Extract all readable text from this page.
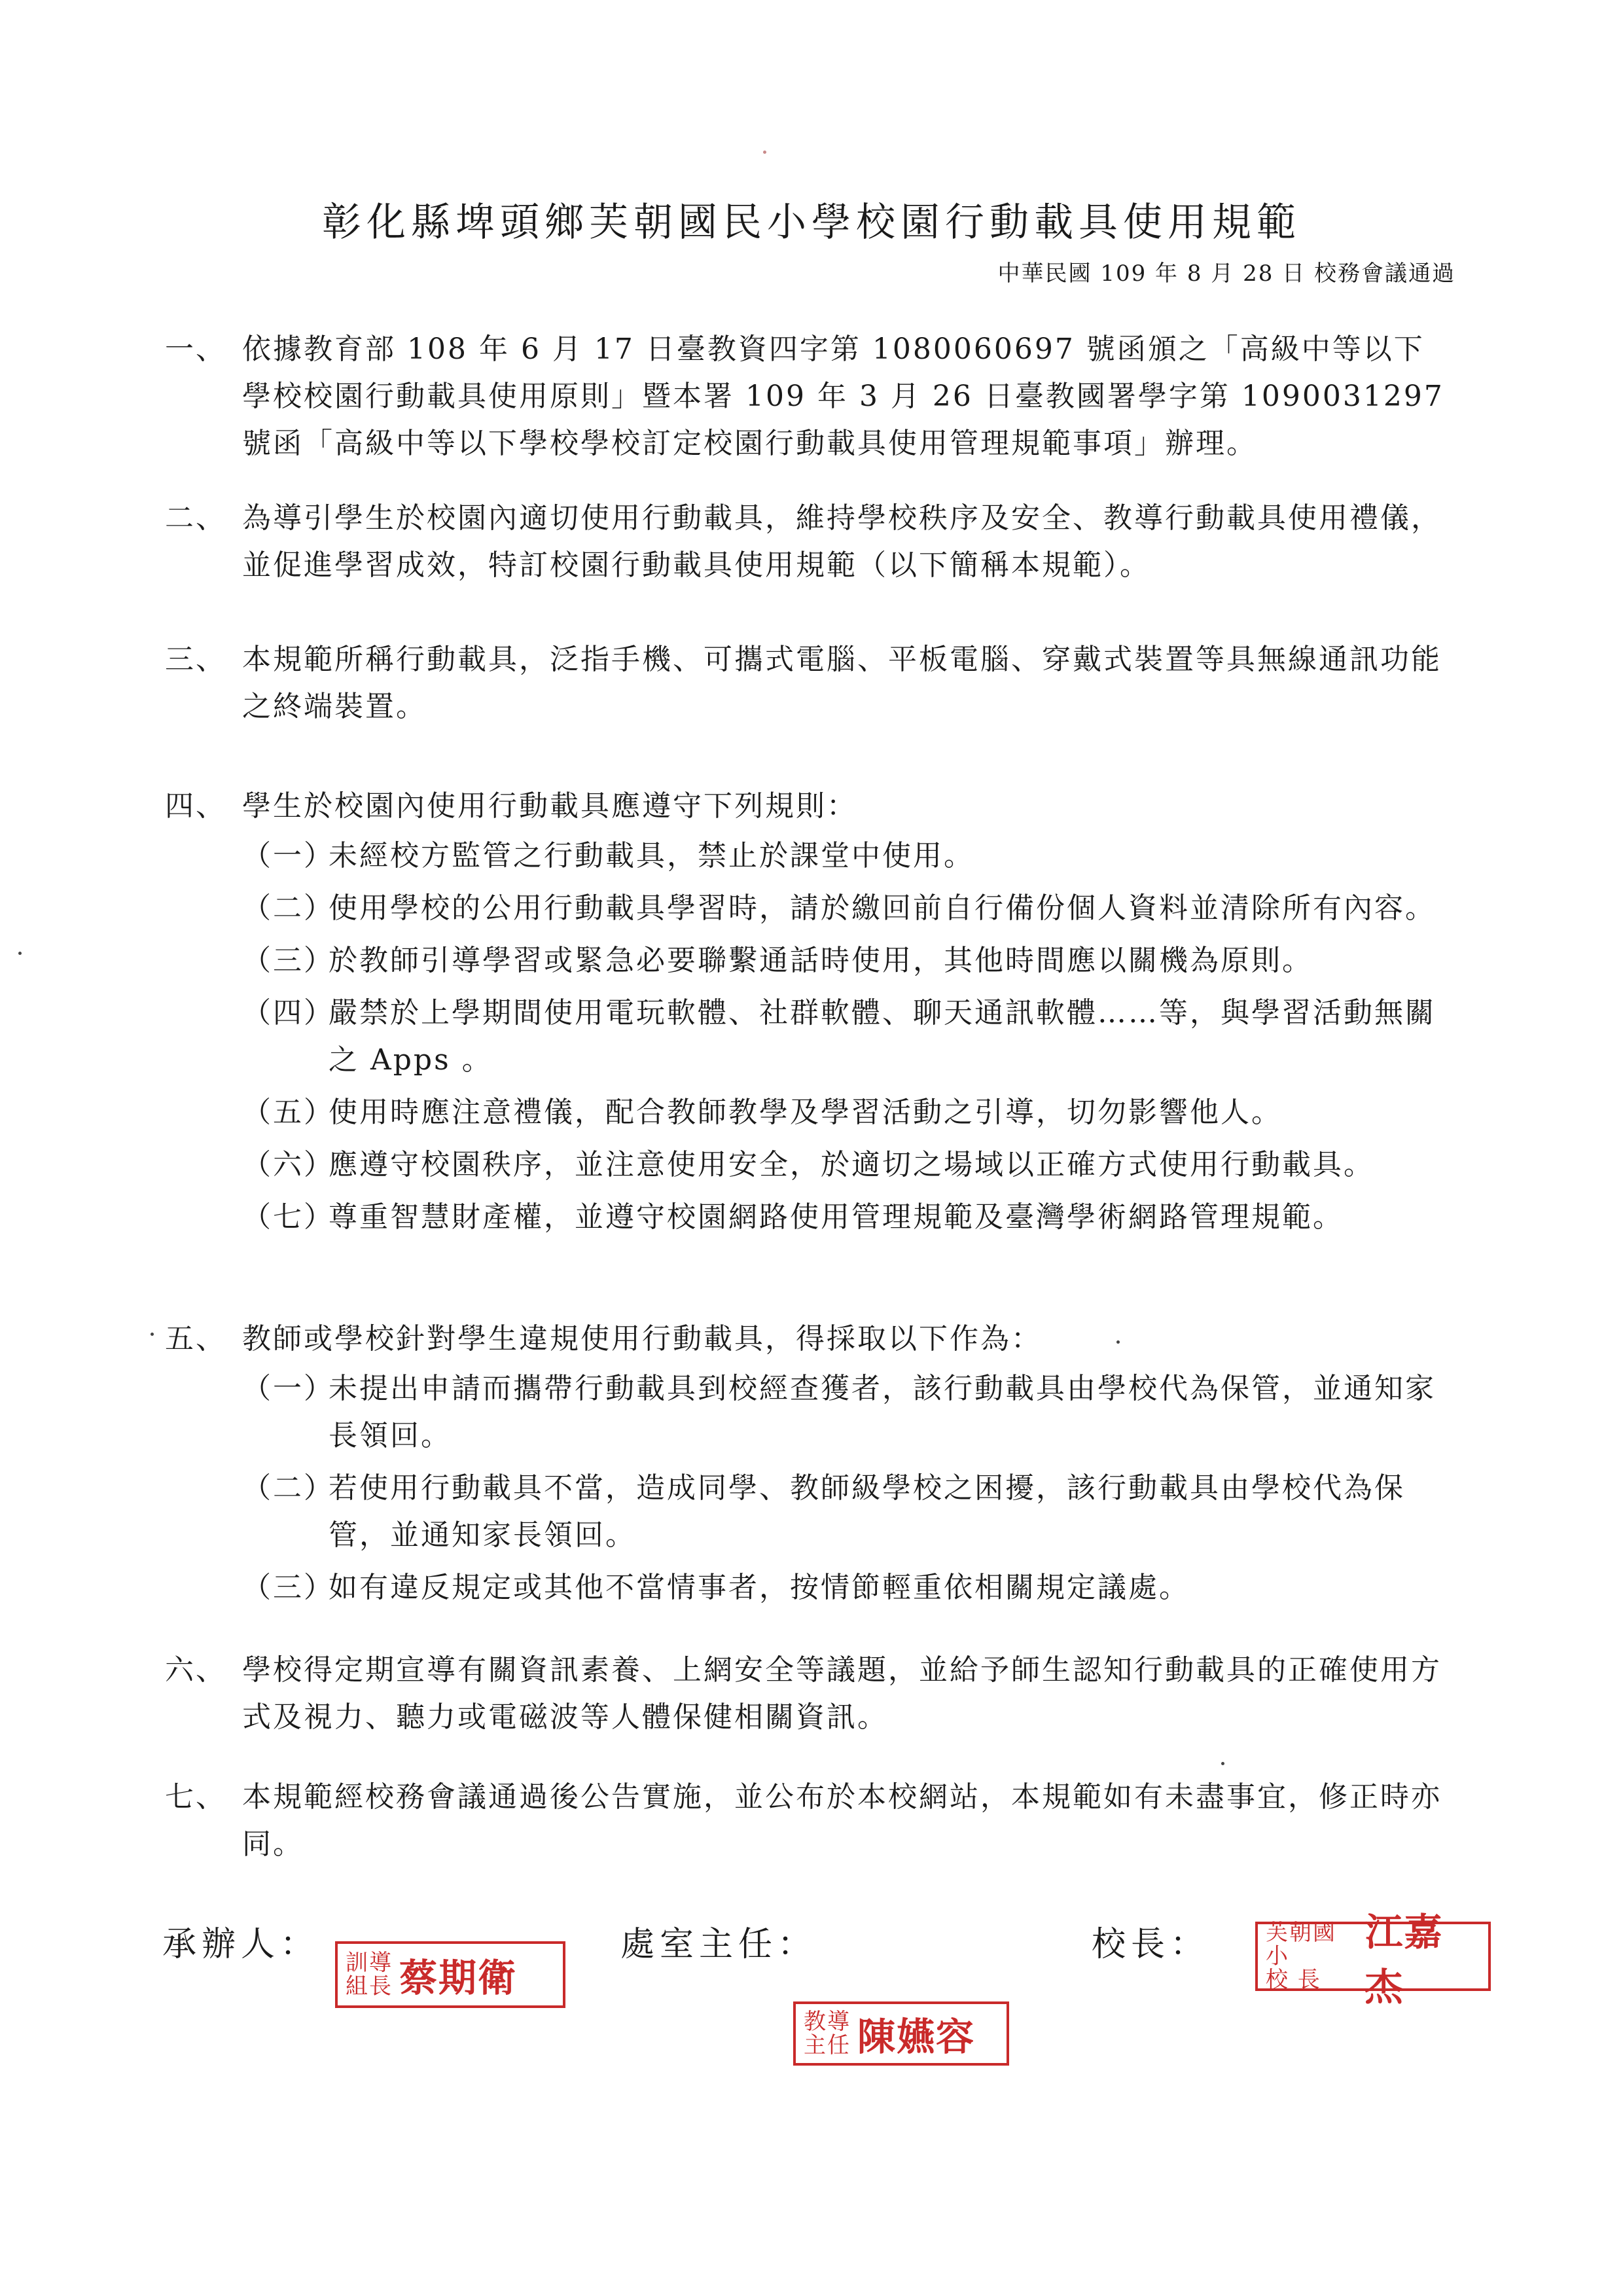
彰化縣埤頭鄉芙朝國民小學校園行動載具使用規範
中華民國 109 年 8 月 28 日 校務會議通過
一、 依據教育部 108 年 6 月 17 日臺教資四字第 1080060697 號函頒之「高級中等以下學校校園行動載具使用原則」暨本署 109 年 3 月 26 日臺教國署學字第 1090031297 號函「高級中等以下學校學校訂定校園行動載具使用管理規範事項」辦理。
二、 為導引學生於校園內適切使用行動載具，維持學校秩序及安全、教導行動載具使用禮儀，並促進學習成效，特訂校園行動載具使用規範（以下簡稱本規範）。
三、 本規範所稱行動載具，泛指手機、可攜式電腦、平板電腦、穿戴式裝置等具無線通訊功能之終端裝置。
四、 學生於校園內使用行動載具應遵守下列規則：
（一）
未經校方監管之行動載具，禁止於課堂中使用。
（二）
使用學校的公用行動載具學習時，請於繳回前自行備份個人資料並清除所有內容。
（三）
於教師引導學習或緊急必要聯繫通話時使用，其他時間應以關機為原則。
（四）
嚴禁於上學期間使用電玩軟體、社群軟體、聊天通訊軟體……等，與學習活動無關之 Apps 。
（五）
使用時應注意禮儀，配合教師教學及學習活動之引導，切勿影響他人。
（六）
應遵守校園秩序，並注意使用安全，於適切之場域以正確方式使用行動載具。
（七）
尊重智慧財產權，並遵守校園網路使用管理規範及臺灣學術網路管理規範。
五、 教師或學校針對學生違規使用行動載具，得採取以下作為：
（一）
未提出申請而攜帶行動載具到校經查獲者，該行動載具由學校代為保管，並通知家長領回。
（二）
若使用行動載具不當，造成同學、教師級學校之困擾，該行動載具由學校代為保管，並通知家長領回。
（三）
如有違反規定或其他不當情事者，按情節輕重依相關規定議處。
六、 學校得定期宣導有關資訊素養、上網安全等議題，並給予師生認知行動載具的正確使用方式及視力、聽力或電磁波等人體保健相關資訊。
七、 本規範經校務會議通過後公告實施，並公布於本校網站，本規範如有未盡事宜，修正時亦同。
承辦人：	處室主任：	校長：
訓導
組長 蔡期衛
教導
主任 陳嬿容
芙朝國小
校 長
江嘉杰
